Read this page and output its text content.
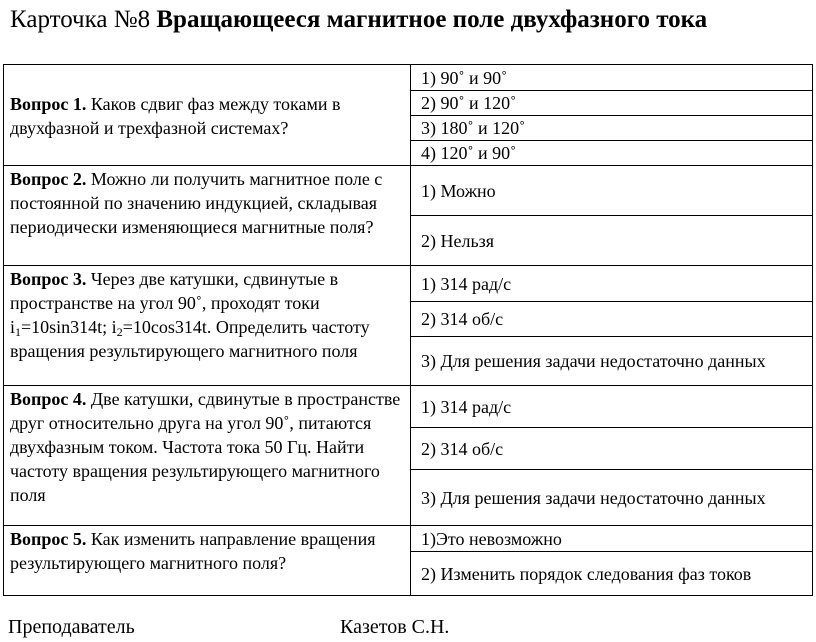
Карточка №8 Вращающееся магнитное поле двухфазного тока
Вопрос 1. Каков сдвиг фаз между токами в двухфазной и трехфазной системах?	1) 90˚ и 90˚
	2) 90˚ и 120˚
	3) 180˚ и 120˚
	4) 120˚ и 90˚
Вопрос 2. Можно ли получить магнитное поле с постоянной по значению индукцией, складывая периодически изменяющиеся магнитные поля?	1) Можно
	2) Нельзя
Вопрос 3. Через две катушки, сдвинутые в пространстве на угол 90˚, проходят токи $i_1=10\sin 314t$; $i_2=10\cos 314t$. Определить частоту вращения результирующего магнитного поля	1) 314 рад/с
	2) 314 об/с
	3) Для решения задачи недостаточно данных
Вопрос 4. Две катушки, сдвинутые в пространстве друг относительно друга на угол 90˚, питаются двухфазным током. Частота тока 50 Гц. Найти частоту вращения результирующего магнитного поля	1) 314 рад/с
	2) 314 об/с
	3) Для решения задачи недостаточно данных
Вопрос 5. Как изменить направление вращения результирующего магнитного поля?	1)Это невозможно
	2) Изменить порядок следования фаз токов
Преподаватель	Казетов С.Н.
